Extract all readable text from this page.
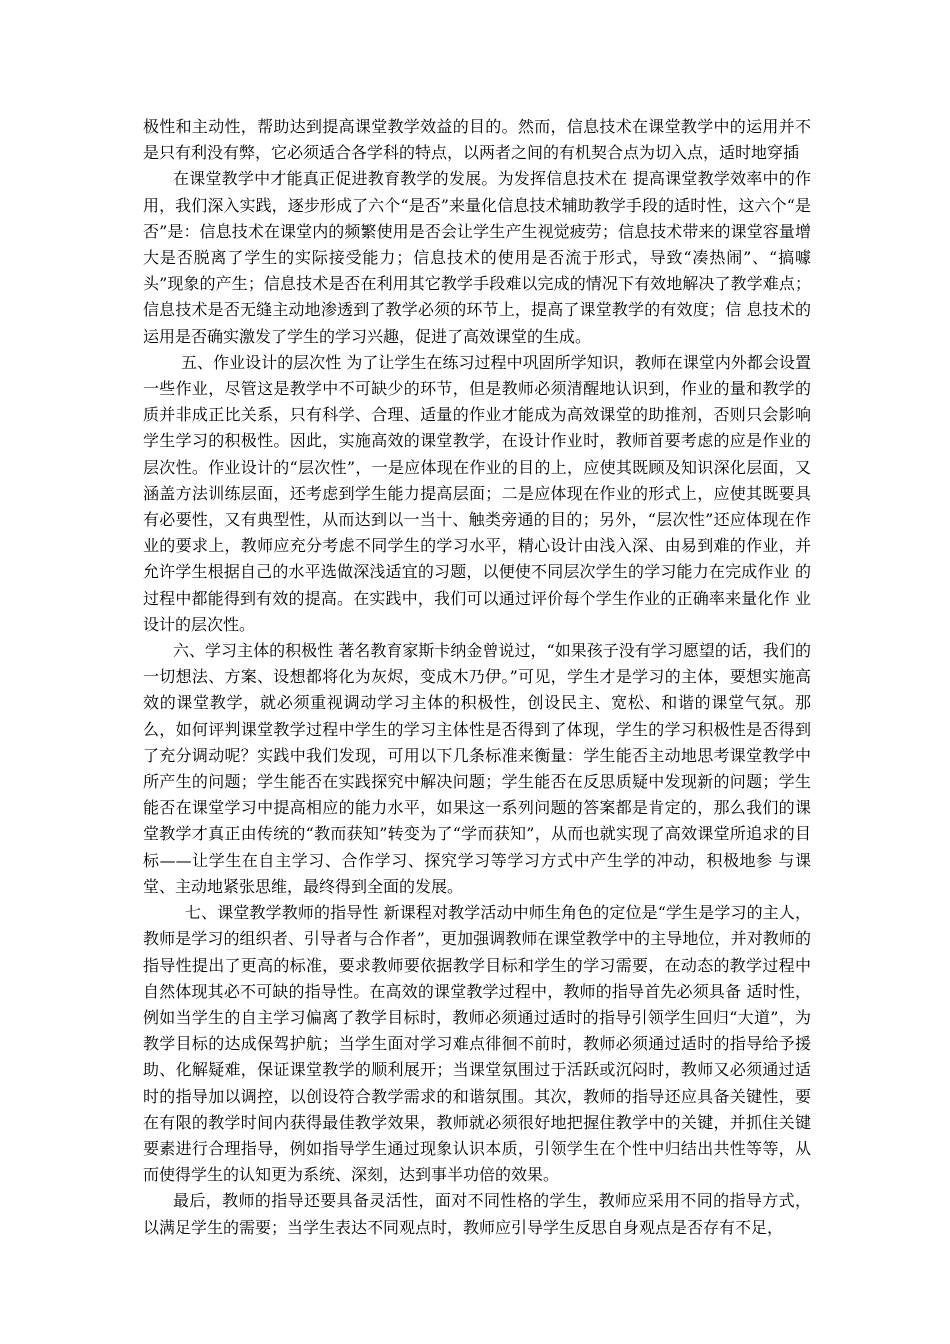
极性和主动性，帮助达到提高课堂教学效益的目的。然而，信息技术在课堂教学中的运用并不是只有利没有弊，它必须适合各学科的特点，以两者之间的有机契合点为切入点，适时地穿插

在课堂教学中才能真正促进教育教学的发展。为发挥信息技术在 提高课堂教学效率中的作用，我们深入实践，逐步形成了六个“是否”来量化信息技术辅助教学手段的适时性，这六个“是否”是：信息技术在课堂内的频繁使用是否会让学生产生视觉疲劳；信息技术带来的课堂容量增大是否脱离了学生的实际接受能力；信息技术的使用是否流于形式，导致“凑热闹”、“搞噱头”现象的产生；信息技术是否在利用其它教学手段难以完成的情况下有效地解决了教学难点；信息技术是否无缝主动地渗透到了教学必须的环节上，提高了课堂教学的有效度；信 息技术的运用是否确实激发了学生的学习兴趣，促进了高效课堂的生成。

五、作业设计的层次性 为了让学生在练习过程中巩固所学知识，教师在课堂内外都会设置一些作业，尽管这是教学中不可缺少的环节，但是教师必须清醒地认识到，作业的量和教学的质并非成正比关系，只有科学、合理、适量的作业才能成为高效课堂的助推剂，否则只会影响学生学习的积极性。因此，实施高效的课堂教学，在设计作业时，教师首要考虑的应是作业的层次性。作业设计的“层次性”，一是应体现在作业的目的上，应使其既顾及知识深化层面，又涵盖方法训练层面，还考虑到学生能力提高层面；二是应体现在作业的形式上，应使其既要具有必要性，又有典型性，从而达到以一当十、触类旁通的目的；另外，“层次性”还应体现在作业的要求上，教师应充分考虑不同学生的学习水平，精心设计由浅入深、由易到难的作业，并允许学生根据自己的水平选做深浅适宜的习题，以便使不同层次学生的学习能力在完成作业 的过程中都能得到有效的提高。在实践中，我们可以通过评价每个学生作业的正确率来量化作 业设计的层次性。

六、学习主体的积极性 著名教育家斯卡纳金曾说过，“如果孩子没有学习愿望的话，我们的一切想法、方案、设想都将化为灰烬，变成木乃伊。”可见，学生才是学习的主体，要想实施高效的课堂教学，就必须重视调动学习主体的积极性，创设民主、宽松、和谐的课堂气氛。那么，如何评判课堂教学过程中学生的学习主体性是否得到了体现，学生的学习积极性是否得到了充分调动呢？实践中我们发现，可用以下几条标准来衡量：学生能否主动地思考课堂教学中所产生的问题；学生能否在实践探究中解决问题；学生能否在反思质疑中发现新的问题；学生能否在课堂学习中提高相应的能力水平，如果这一系列问题的答案都是肯定的，那么我们的课堂教学才真正由传统的“教而获知”转变为了“学而获知”，从而也就实现了高效课堂所追求的目标——让学生在自主学习、合作学习、探究学习等学习方式中产生学的冲动，积极地参 与课堂、主动地紧张思维，最终得到全面的发展。

七、课堂教学教师的指导性 新课程对教学活动中师生角色的定位是“学生是学习的主人，教师是学习的组织者、引导者与合作者”，更加强调教师在课堂教学中的主导地位，并对教师的指导性提出了更高的标准，要求教师要依据教学目标和学生的学习需要，在动态的教学过程中自然体现其必不可缺的指导性。在高效的课堂教学过程中，教师的指导首先必须具备 适时性，例如当学生的自主学习偏离了教学目标时，教师必须通过适时的指导引领学生回归“大道”，为教学目标的达成保驾护航；当学生面对学习难点徘徊不前时，教师必须通过适时的指导给予援助、化解疑难，保证课堂教学的顺利展开；当课堂氛围过于活跃或沉闷时，教师又必须通过适时的指导加以调控，以创设符合教学需求的和谐氛围。其次，教师的指导还应具备关键性，要在有限的教学时间内获得最佳教学效果，教师就必须很好地把握住教学中的关键，并抓住关键要素进行合理指导，例如指导学生通过现象认识本质，引领学生在个性中归结出共性等等，从而使得学生的认知更为系统、深刻，达到事半功倍的效果。

最后，教师的指导还要具备灵活性，面对不同性格的学生，教师应采用不同的指导方式，以满足学生的需要；当学生表达不同观点时，教师应引导学生反思自身观点是否存有不足，
